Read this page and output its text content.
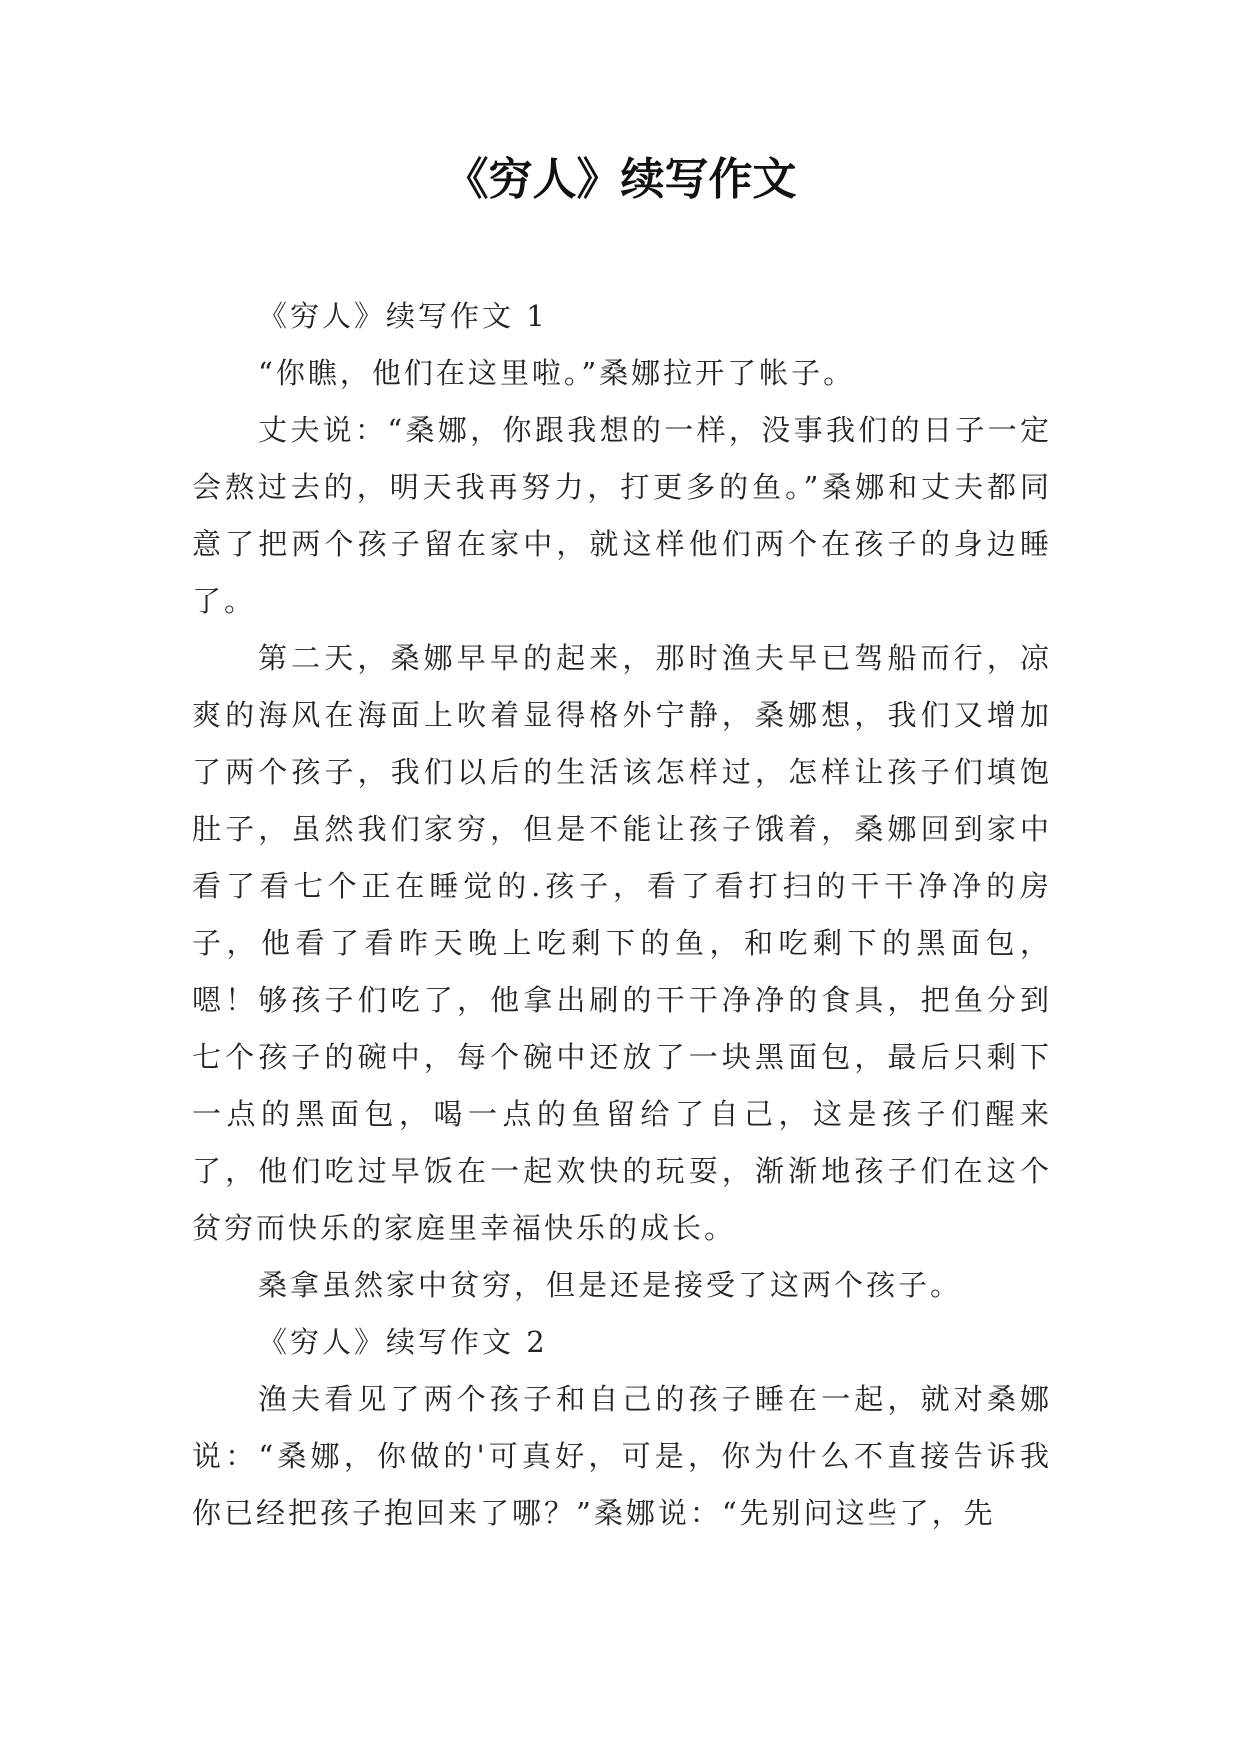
《穷人》续写作文

《穷人》续写作文 1

“你瞧，他们在这里啦。”桑娜拉开了帐子。

丈夫说：“桑娜，你跟我想的一样，没事我们的日子一定会熬过去的，明天我再努力，打更多的鱼。”桑娜和丈夫都同意了把两个孩子留在家中，就这样他们两个在孩子的身边睡了。

第二天，桑娜早早的起来，那时渔夫早已驾船而行，凉爽的海风在海面上吹着显得格外宁静，桑娜想，我们又增加了两个孩子，我们以后的生活该怎样过，怎样让孩子们填饱肚子，虽然我们家穷，但是不能让孩子饿着，桑娜回到家中看了看七个正在睡觉的.孩子，看了看打扫的干干净净的房子，他看了看昨天晚上吃剩下的鱼，和吃剩下的黑面包，嗯！够孩子们吃了，他拿出刷的干干净净的食具，把鱼分到七个孩子的碗中，每个碗中还放了一块黑面包，最后只剩下一点的黑面包，喝一点的鱼留给了自己，这是孩子们醒来了，他们吃过早饭在一起欢快的玩耍，渐渐地孩子们在这个贫穷而快乐的家庭里幸福快乐的成长。

桑拿虽然家中贫穷，但是还是接受了这两个孩子。

《穷人》续写作文 2

渔夫看见了两个孩子和自己的孩子睡在一起，就对桑娜说：“桑娜，你做的'可真好，可是，你为什么不直接告诉我你已经把孩子抱回来了哪？”桑娜说：“先别问这些了，先
